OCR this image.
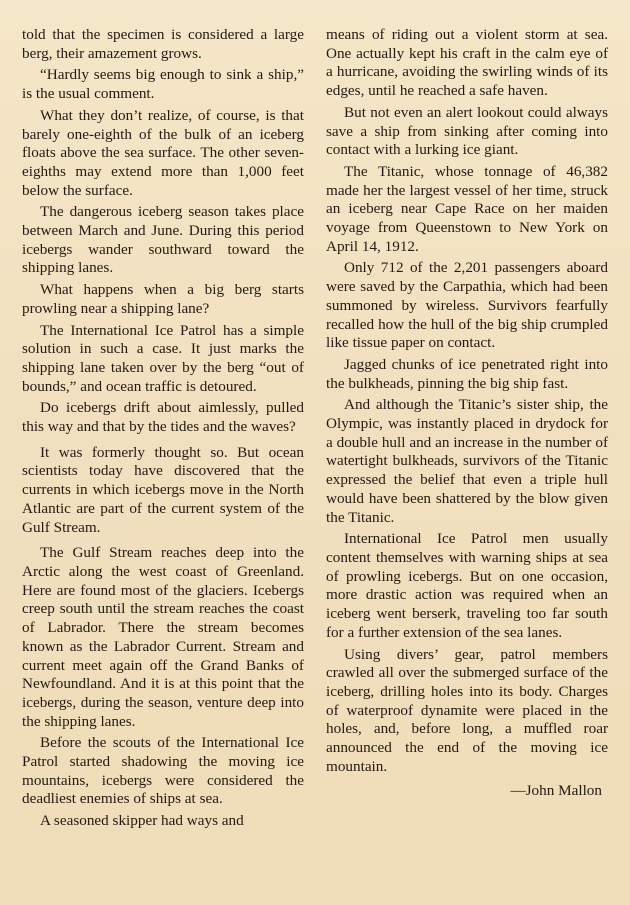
told that the specimen is considered a large berg, their amazement grows.

“Hardly seems big enough to sink a ship,” is the usual comment.

What they don’t realize, of course, is that barely one-eighth of the bulk of an iceberg floats above the sea surface. The other seven-eighths may extend more than 1,000 feet below the surface.

The dangerous iceberg season takes place between March and June. During this period icebergs wander southward toward the shipping lanes.

What happens when a big berg starts prowling near a shipping lane?

The International Ice Patrol has a simple solution in such a case. It just marks the shipping lane taken over by the berg “out of bounds,” and ocean traffic is detoured.

Do icebergs drift about aimlessly, pulled this way and that by the tides and the waves?

It was formerly thought so. But ocean scientists today have discovered that the currents in which icebergs move in the North Atlantic are part of the current system of the Gulf Stream.

The Gulf Stream reaches deep into the Arctic along the west coast of Greenland. Here are found most of the glaciers. Icebergs creep south until the stream reaches the coast of Labrador. There the stream becomes known as the Labrador Current. Stream and current meet again off the Grand Banks of Newfoundland. And it is at this point that the icebergs, during the season, venture deep into the shipping lanes.

Before the scouts of the International Ice Patrol started shadowing the moving ice mountains, icebergs were considered the deadliest enemies of ships at sea.

A seasoned skipper had ways and

means of riding out a violent storm at sea. One actually kept his craft in the calm eye of a hurricane, avoiding the swirling winds of its edges, until he reached a safe haven.

But not even an alert lookout could always save a ship from sinking after coming into contact with a lurking ice giant.

The Titanic, whose tonnage of 46,382 made her the largest vessel of her time, struck an iceberg near Cape Race on her maiden voyage from Queenstown to New York on April 14, 1912.

Only 712 of the 2,201 passengers aboard were saved by the Carpathia, which had been summoned by wireless. Survivors fearfully recalled how the hull of the big ship crumpled like tissue paper on contact.

Jagged chunks of ice penetrated right into the bulkheads, pinning the big ship fast.

And although the Titanic’s sister ship, the Olympic, was instantly placed in drydock for a double hull and an increase in the number of watertight bulkheads, survivors of the Titanic expressed the belief that even a triple hull would have been shattered by the blow given the Titanic.

International Ice Patrol men usually content themselves with warning ships at sea of prowling icebergs. But on one occasion, more drastic action was required when an iceberg went berserk, traveling too far south for a further extension of the sea lanes.

Using divers’ gear, patrol members crawled all over the submerged surface of the iceberg, drilling holes into its body. Charges of waterproof dynamite were placed in the holes, and, before long, a muffled roar announced the end of the moving ice mountain.

—John Mallon
